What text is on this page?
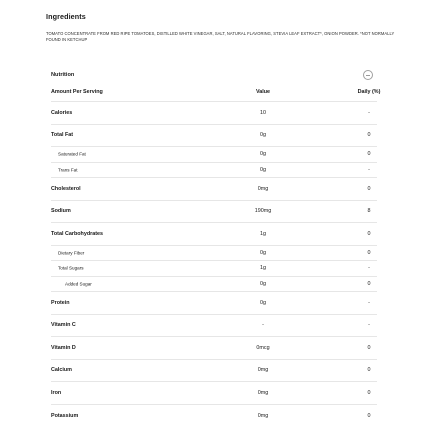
Ingredients
TOMATO CONCENTRATE FROM RED RIPE TOMATOES, DISTILLED WHITE VINEGAR, SALT, NATURAL FLAVORING, STEVIA LEAF EXTRACT*, ONION POWDER. *NOT NORMALLY FOUND IN KETCHUP
Nutrition
Amount Per Serving	Value	Daily (%)
Calories	10	-
Total Fat	0g	0
Saturated Fat	0g	0
Trans Fat	0g	-
Cholesterol	0mg	0
Sodium	190mg	8
Total Carbohydrates	1g	0
Dietary Fiber	0g	0
Total Sugars	1g	-
Added Sugar	0g	0
Protein	0g	-
Vitamin C	-	-
Vitamin D	0mcg	0
Calcium	0mg	0
Iron	0mg	0
Potassium	0mg	0
